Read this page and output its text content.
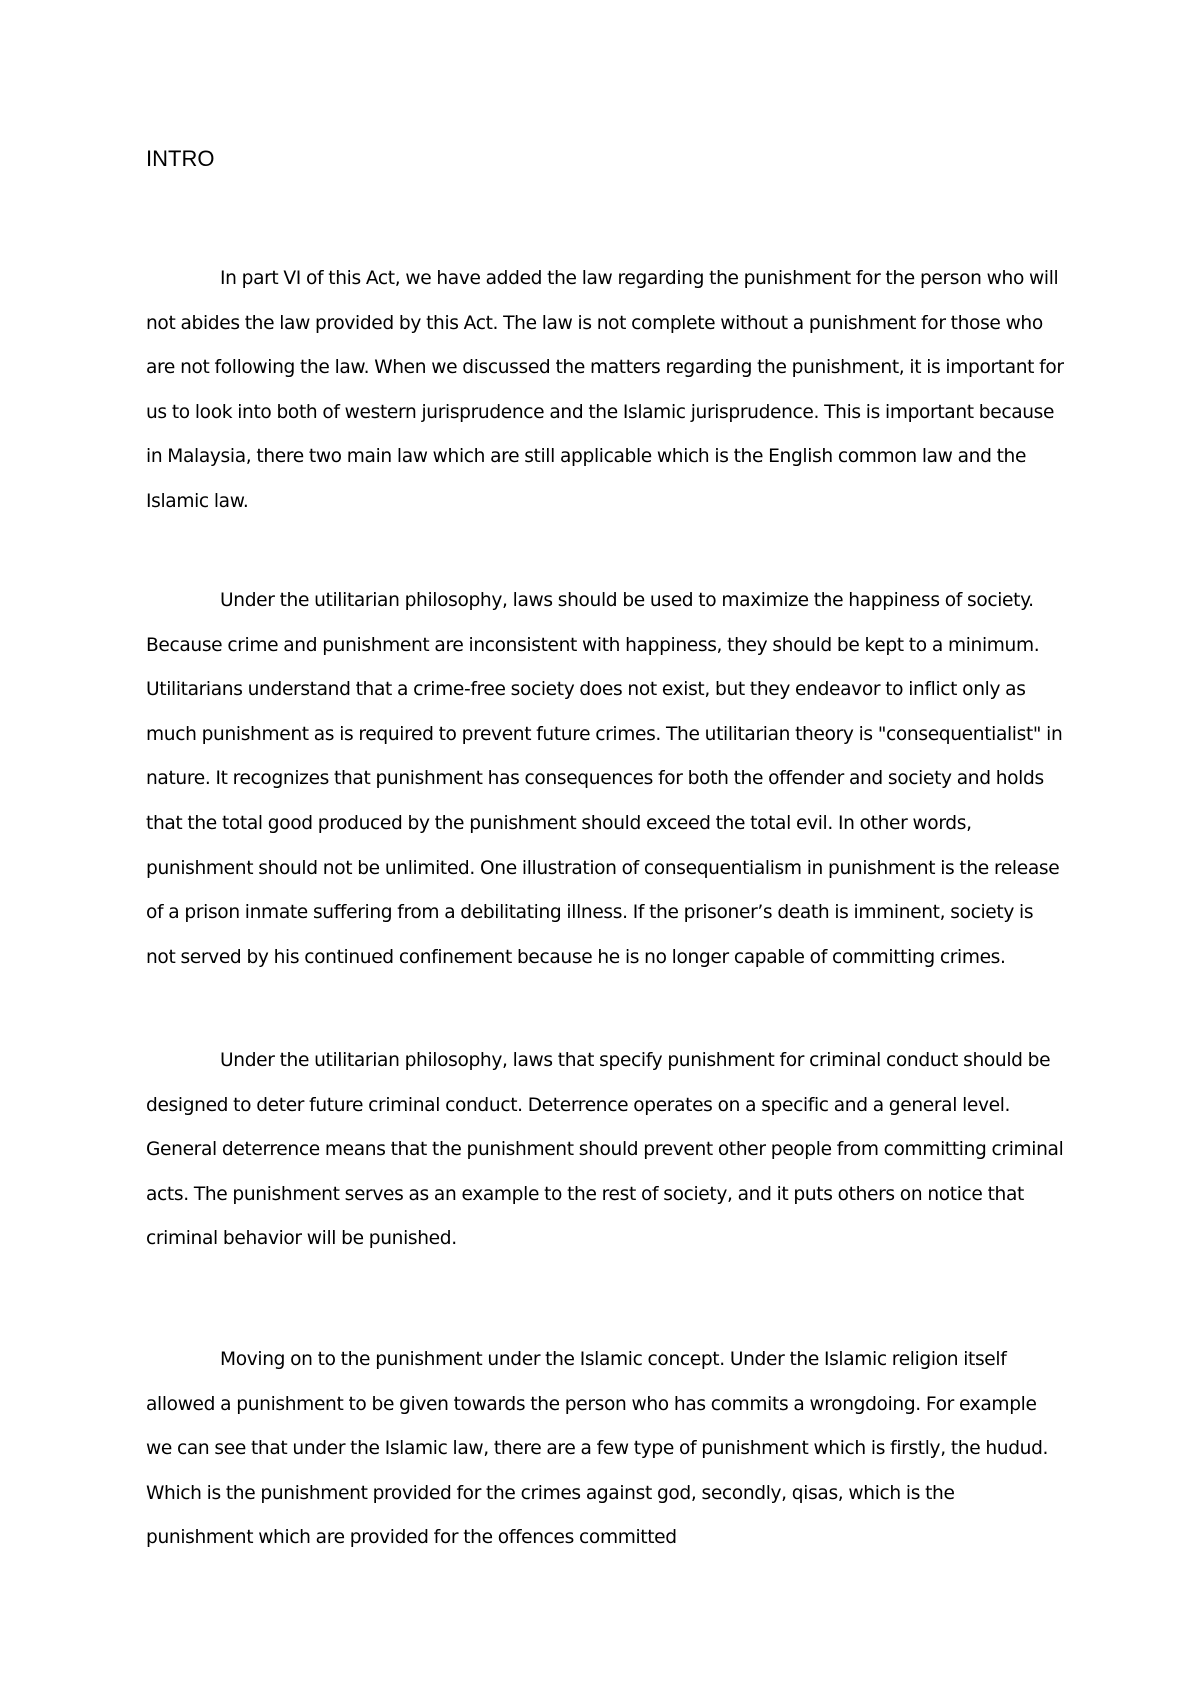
INTRO

In part VI of this Act, we have added the law regarding the punishment for the person who will not abides the law provided by this Act. The law is not complete without a punishment for those who are not following the law. When we discussed the matters regarding the punishment, it is important for us to look into both of western jurisprudence and the Islamic jurisprudence. This is important because in Malaysia, there two main law which are still applicable which is the English common law and the Islamic law.

Under the utilitarian philosophy, laws should be used to maximize the happiness of society. Because crime and punishment are inconsistent with happiness, they should be kept to a minimum. Utilitarians understand that a crime-free society does not exist, but they endeavor to inflict only as much punishment as is required to prevent future crimes. The utilitarian theory is "consequentialist" in nature. It recognizes that punishment has consequences for both the offender and society and holds that the total good produced by the punishment should exceed the total evil. In other words, punishment should not be unlimited. One illustration of consequentialism in punishment is the release of a prison inmate suffering from a debilitating illness. If the prisoner’s death is imminent, society is not served by his continued confinement because he is no longer capable of committing crimes.

Under the utilitarian philosophy, laws that specify punishment for criminal conduct should be designed to deter future criminal conduct. Deterrence operates on a specific and a general level. General deterrence means that the punishment should prevent other people from committing criminal acts. The punishment serves as an example to the rest of society, and it puts others on notice that criminal behavior will be punished.

Moving on to the punishment under the Islamic concept. Under the Islamic religion itself allowed a punishment to be given towards the person who has commits a wrongdoing. For example we can see that under the Islamic law, there are a few type of punishment which is firstly, the hudud. Which is the punishment provided for the crimes against god, secondly, qisas, which is the punishment which are provided for the offences committed
